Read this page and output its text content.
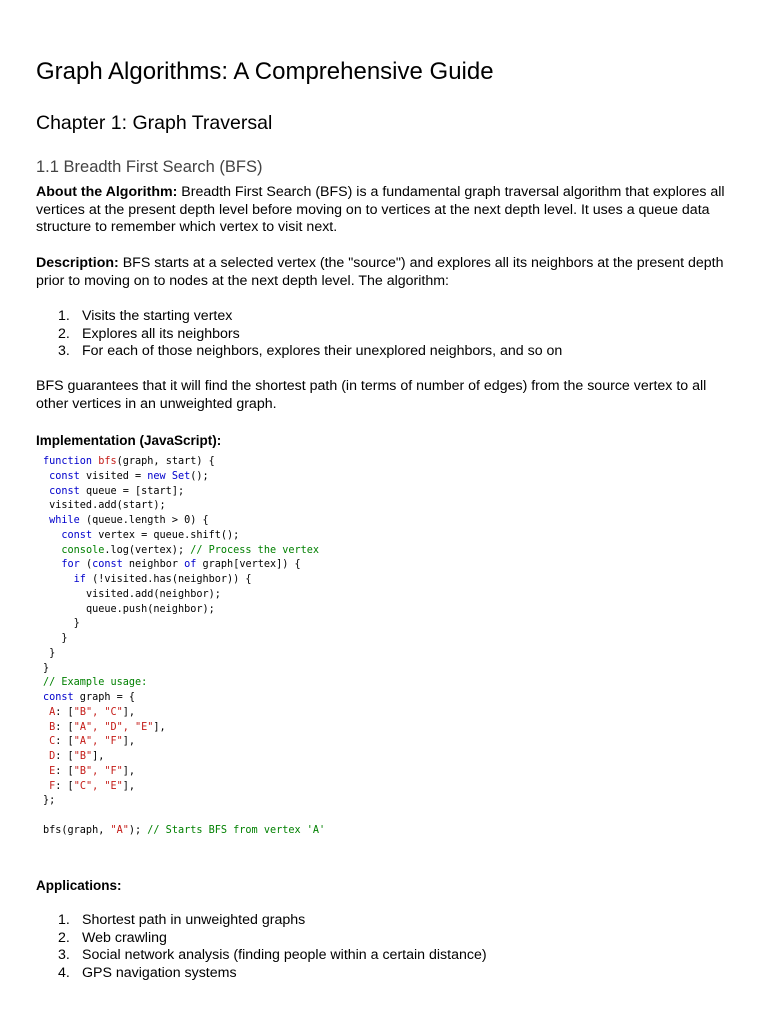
Graph Algorithms: A Comprehensive Guide
Chapter 1: Graph Traversal
1.1 Breadth First Search (BFS)

About the Algorithm: Breadth First Search (BFS) is a fundamental graph traversal algorithm that explores all vertices at the present depth level before moving on to vertices at the next depth level. It uses a queue data structure to remember which vertex to visit next.

Description: BFS starts at a selected vertex (the "source") and explores all its neighbors at the present depth prior to moving on to nodes at the next depth level. The algorithm:

1. Visits the starting vertex
2. Explores all its neighbors
3. For each of those neighbors, explores their unexplored neighbors, and so on

BFS guarantees that it will find the shortest path (in terms of number of edges) from the source vertex to all other vertices in an unweighted graph.

Implementation (JavaScript):
function bfs(graph, start) {
const visited = new Set();
const queue = [start];
visited.add(start);
while (queue.length > 0) {
const vertex = queue.shift();
console.log(vertex); // Process the vertex
for (const neighbor of graph[vertex]) {
if (!visited.has(neighbor)) {
visited.add(neighbor);
queue.push(neighbor);
}
}
}
}
// Example usage:
const graph = {
A: ["B", "C"],
B: ["A", "D", "E"],
C: ["A", "F"],
D: ["B"],
E: ["B", "F"],
F: ["C", "E"],
};
bfs(graph, "A"); // Starts BFS from vertex 'A'
Applications:
1. Shortest path in unweighted graphs
2. Web crawling
3. Social network analysis (finding people within a certain distance)
4. GPS navigation systems
